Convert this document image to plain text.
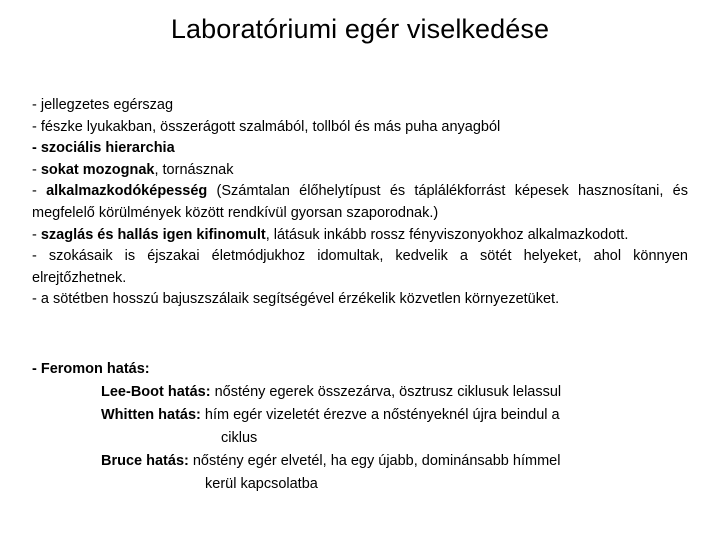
Laboratóriumi egér viselkedése

- jellegzetes egérszag

- fészke lyukakban, összerágott szalmából, tollból és más puha anyagból

- szociális hierarchia

- sokat mozognak, tornásznak

- alkalmazkodóképesség (Számtalan élőhelytípust és táplálékforrást képesek hasznosítani, és megfelelő körülmények között rendkívül gyorsan szaporodnak.)

- szaglás és hallás igen kifinomult, látásuk inkább rossz fényviszonyokhoz alkalmazkodott.

- szokásaik is éjszakai életmódjukhoz idomultak, kedvelik a sötét helyeket, ahol könnyen elrejtőzhetnek.

- a sötétben hosszú bajuszszálaik segítségével érzékelik közvetlen környezetüket.

- Feromon hatás:

Lee-Boot hatás: nőstény egerek összezárva, ösztrusz ciklusuk lelassul

Whitten hatás: hím egér vizeletét érezve a nőstényeknél újra beindul a

ciklus

Bruce hatás: nőstény egér elvetél, ha egy újabb, dominánsabb hímmel

kerül kapcsolatba
